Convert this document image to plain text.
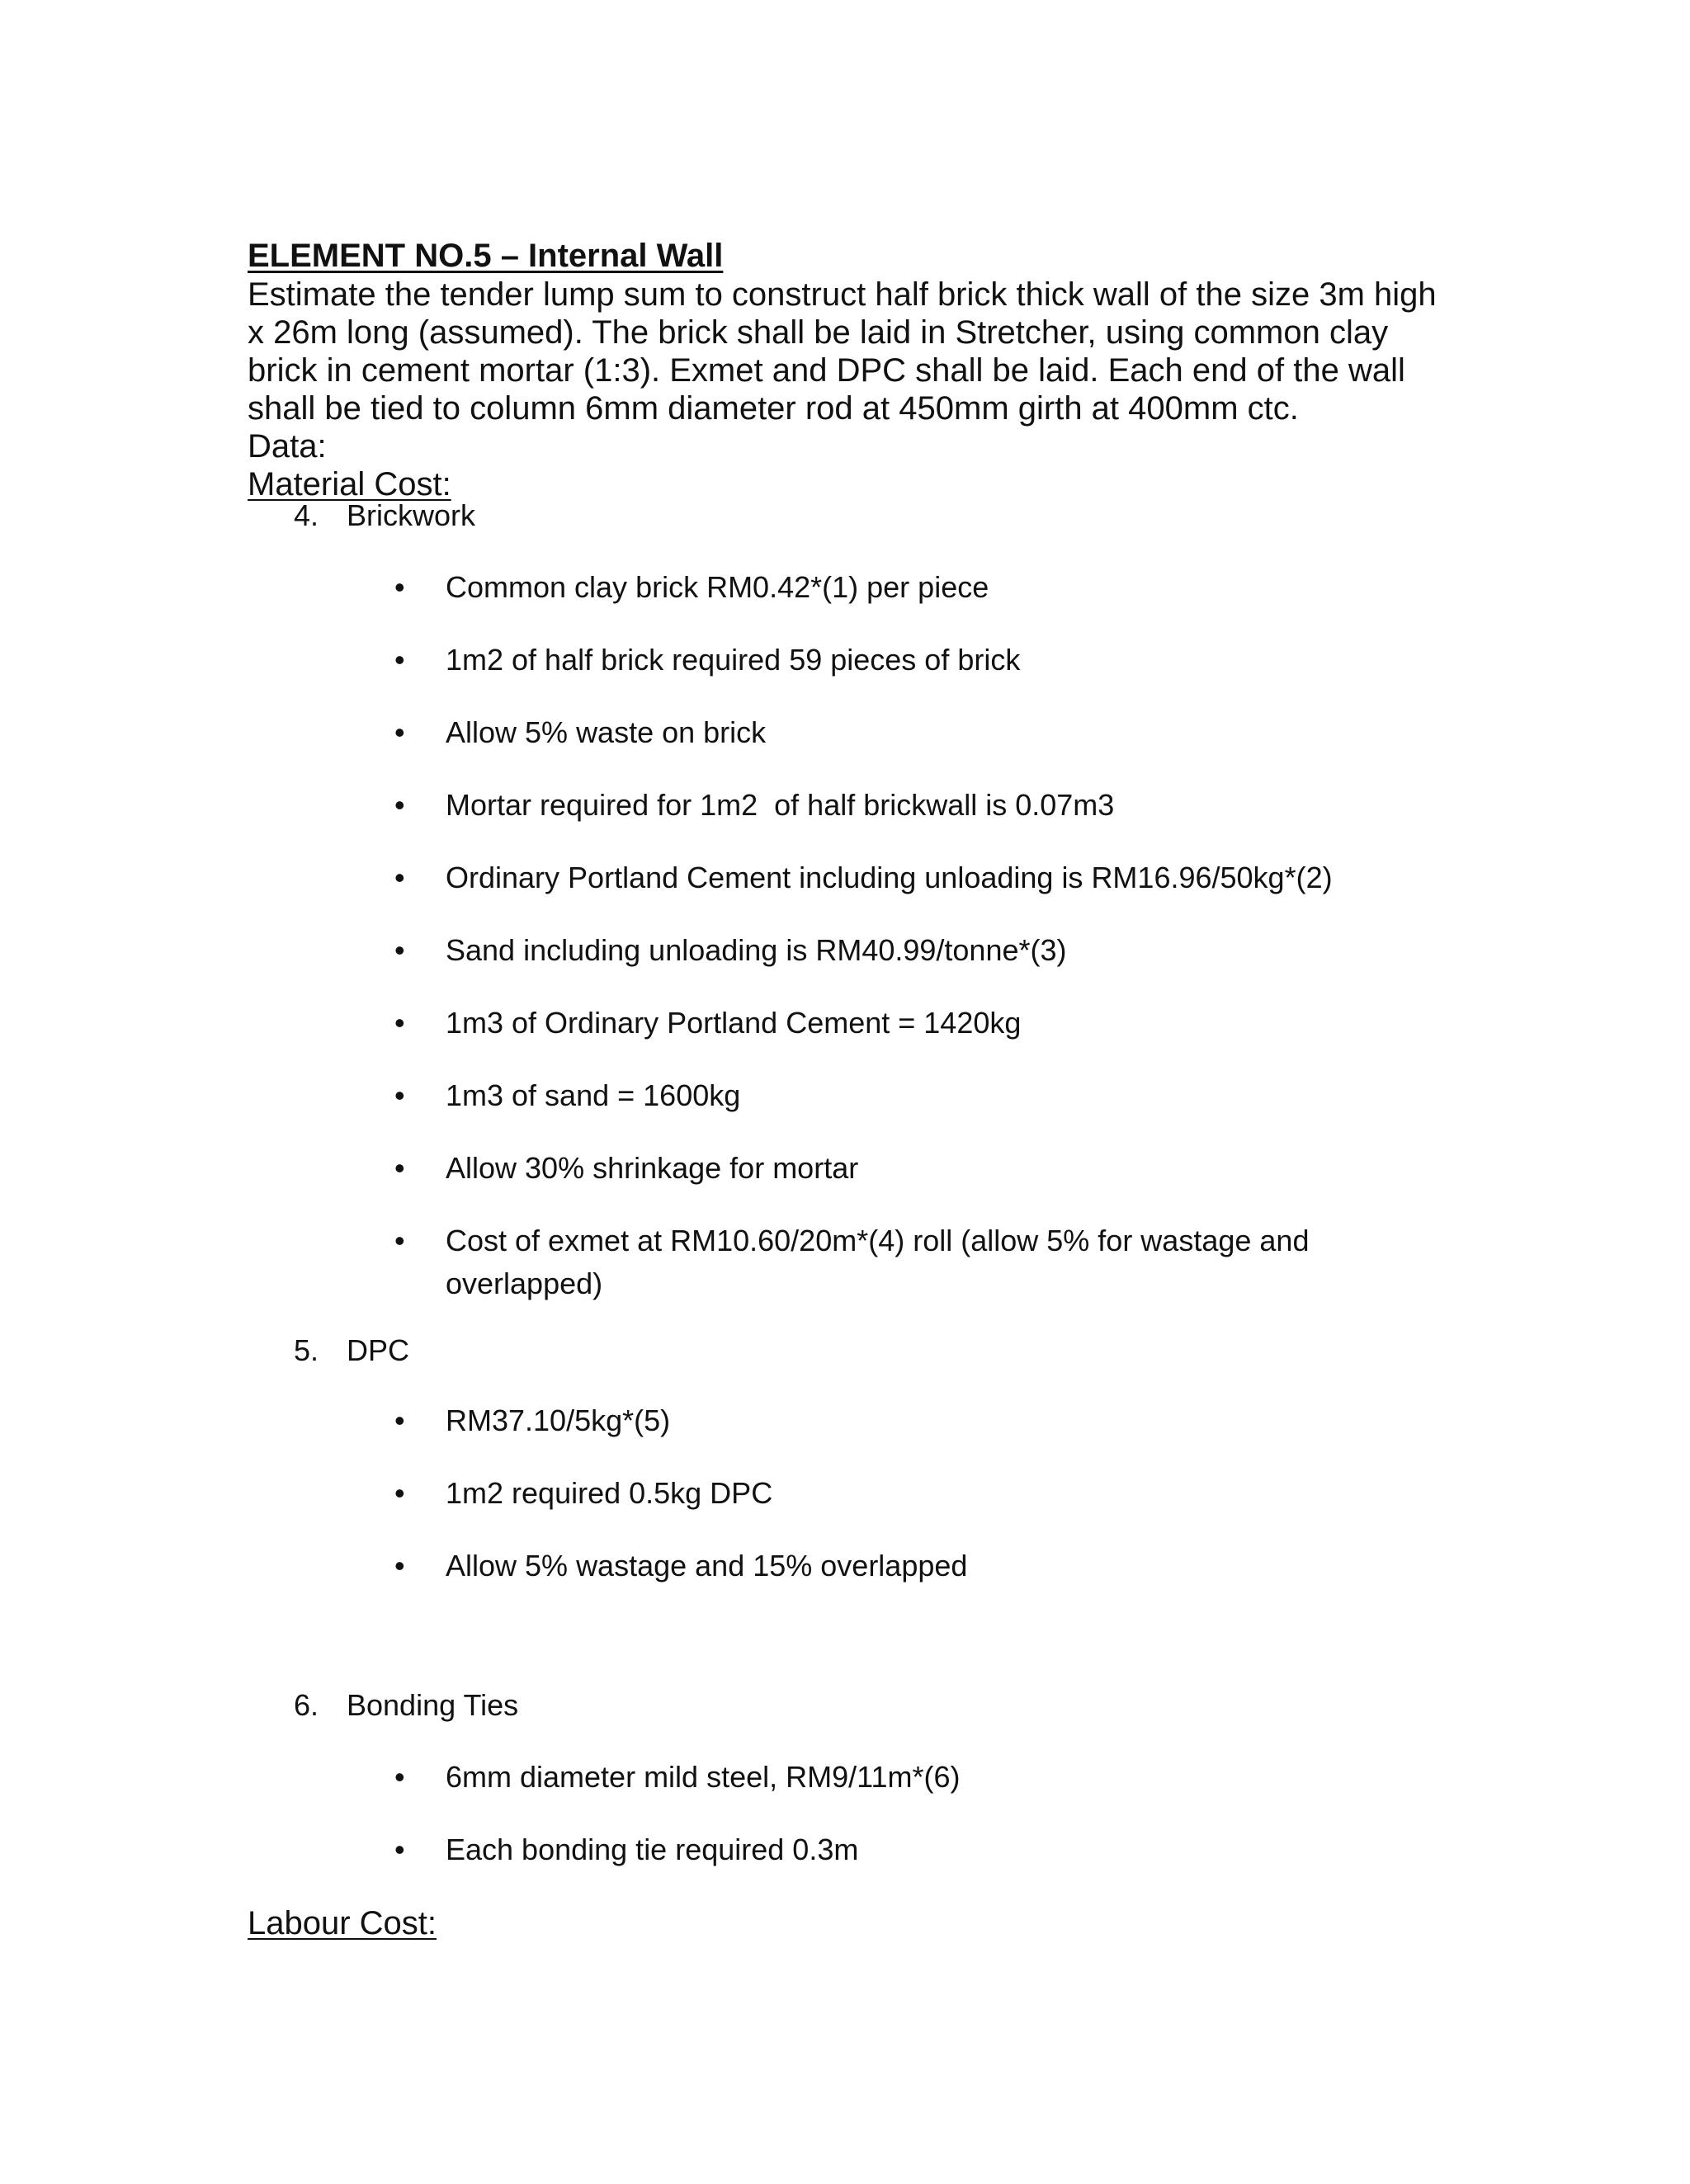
ELEMENT NO.5 – Internal Wall

Estimate the tender lump sum to construct half brick thick wall of the size 3m high x 26m long (assumed). The brick shall be laid in Stretcher, using common clay brick in cement mortar (1:3). Exmet and DPC shall be laid. Each end of the wall shall be tied to column 6mm diameter rod at 450mm girth at 400mm ctc.

Data:
Material Cost:
4. Brickwork
• Common clay brick RM0.42*(1) per piece
• 1m2 of half brick required 59 pieces of brick
• Allow 5% waste on brick
• Mortar required for 1m2  of half brickwall is 0.07m3
• Ordinary Portland Cement including unloading is RM16.96/50kg*(2)
• Sand including unloading is RM40.99/tonne*(3)
• 1m3 of Ordinary Portland Cement = 1420kg
• 1m3 of sand = 1600kg
• Allow 30% shrinkage for mortar
• Cost of exmet at RM10.60/20m*(4) roll (allow 5% for wastage and overlapped)
5. DPC
• RM37.10/5kg*(5)
• 1m2 required 0.5kg DPC
• Allow 5% wastage and 15% overlapped
6. Bonding Ties
• 6mm diameter mild steel, RM9/11m*(6)
• Each bonding tie required 0.3m
Labour Cost:
